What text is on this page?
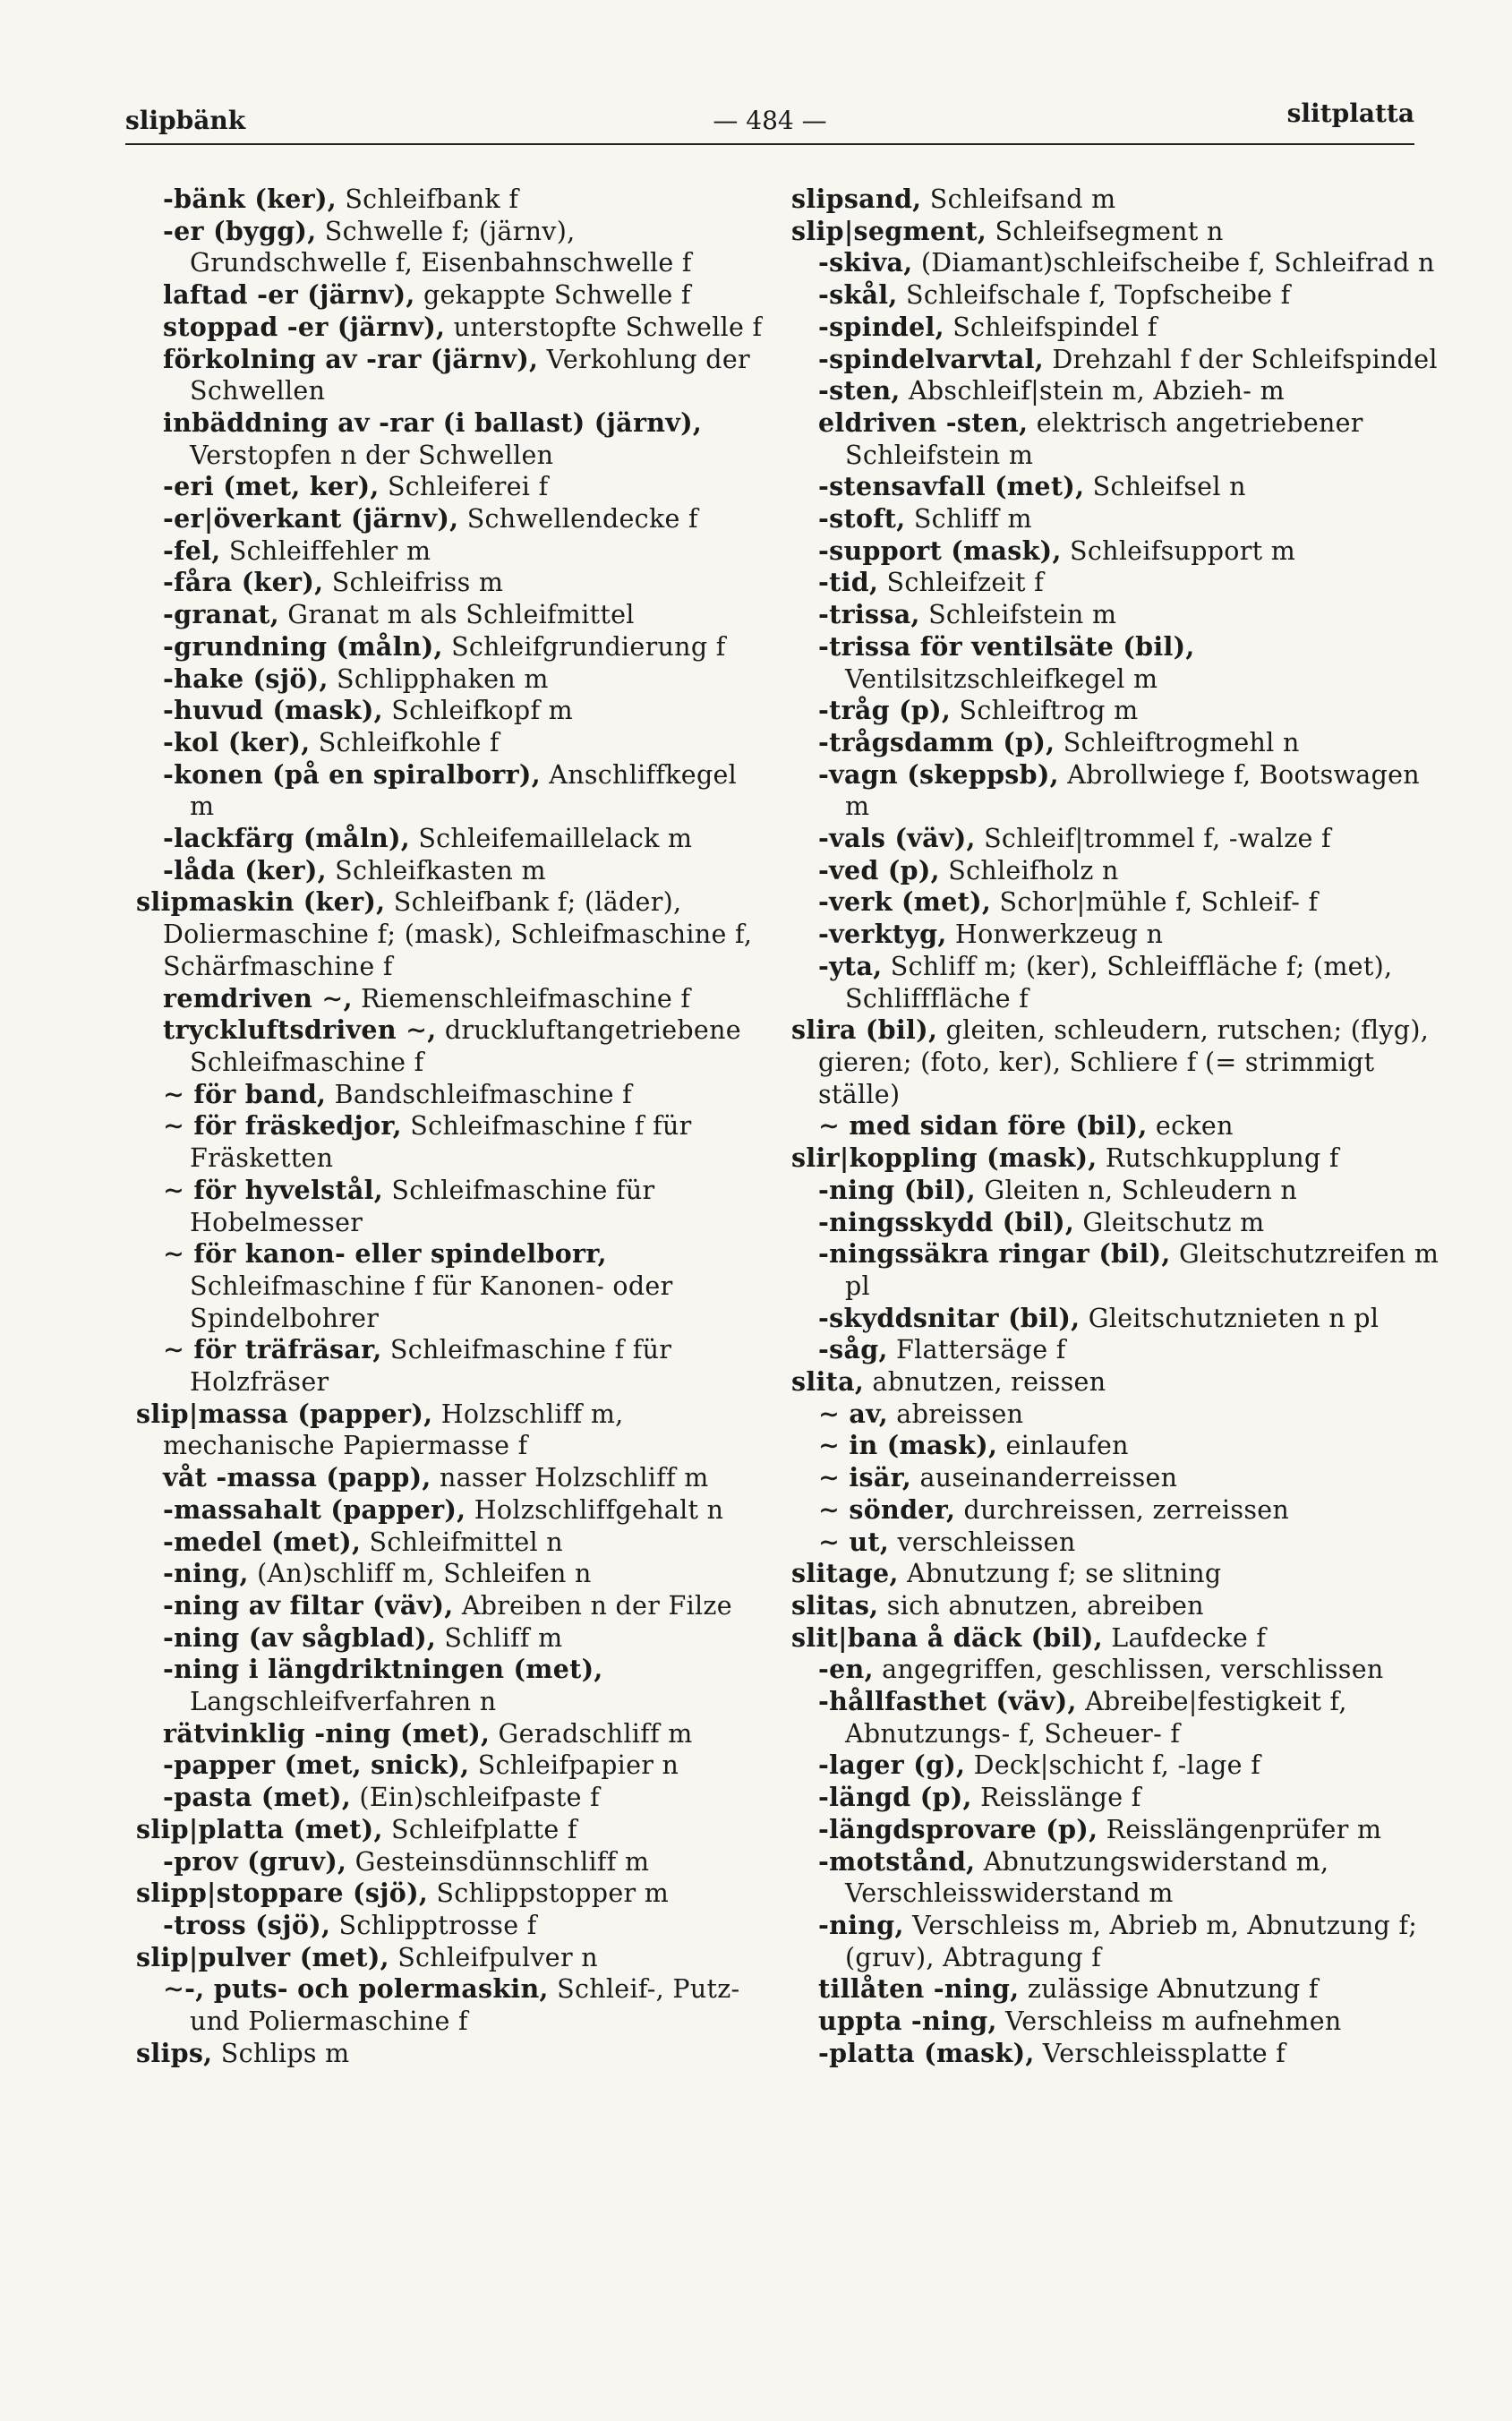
slipbänk	— 484 —	slitplatta
-bänk (ker), Schleifbank f
-er (bygg), Schwelle f; (järnv), Grundschwelle f, Eisenbahnschwelle f
laftad -er (järnv), gekappte Schwelle f
stoppad -er (järnv), unterstopfte Schwelle f
förkolning av -rar (järnv), Verkohlung der Schwellen
inbäddning av -rar (i ballast) (järnv), Verstopfen n der Schwellen
-eri (met, ker), Schleiferei f
-er|överkant (järnv), Schwellendecke f
-fel, Schleiffehler m
-fåra (ker), Schleifriss m
-granat, Granat m als Schleifmittel
-grundning (måln), Schleifgrundierung f
-hake (sjö), Schlipphaken m
-huvud (mask), Schleifkopf m
-kol (ker), Schleifkohle f
-konen (på en spiralborr), Anschliffkegel m
-lackfärg (måln), Schleifemaillelack m
-låda (ker), Schleifkasten m
slipmaskin (ker), Schleifbank f; (läder), Doliermaschine f; (mask), Schleifmaschine f, Schärfmaschine f
remdriven ∼, Riemenschleifmaschine f
tryckluftsdriven ∼, druckluftangetriebene Schleifmaschine f
∼ för band, Bandschleifmaschine f
∼ för fräskedjor, Schleifmaschine f für Fräsketten
∼ för hyvelstål, Schleifmaschine für Hobelmesser
∼ för kanon- eller spindelborr, Schleifmaschine f für Kanonen- oder Spindelbohrer
∼ för träfräsar, Schleifmaschine f für Holzfräser
slip|massa (papper), Holzschliff m, mechanische Papiermasse f
våt -massa (papp), nasser Holzschliff m
-massahalt (papper), Holzschliffgehalt n
-medel (met), Schleifmittel n
-ning, (An)schliff m, Schleifen n
-ning av filtar (väv), Abreiben n der Filze
-ning (av sågblad), Schliff m
-ning i längdriktningen (met), Langschleifverfahren n
rätvinklig -ning (met), Geradschliff m
-papper (met, snick), Schleifpapier n
-pasta (met), (Ein)schleifpaste f
slip|platta (met), Schleifplatte f
-prov (gruv), Gesteinsdünnschliff m
slipp|stoppare (sjö), Schlippstopper m
-tross (sjö), Schlipptrosse f
slip|pulver (met), Schleifpulver n
∼-, puts- och polermaskin, Schleif-, Putz- und Poliermaschine f
slips, Schlips m
slipsand, Schleifsand m
slip|segment, Schleifsegment n
-skiva, (Diamant)schleifscheibe f, Schleifrad n
-skål, Schleifschale f, Topfscheibe f
-spindel, Schleifspindel f
-spindelvarvtal, Drehzahl f der Schleifspindel
-sten, Abschleif|stein m, Abzieh- m
eldriven -sten, elektrisch angetriebener Schleifstein m
-stensavfall (met), Schleifsel n
-stoft, Schliff m
-support (mask), Schleifsupport m
-tid, Schleifzeit f
-trissa, Schleifstein m
-trissa för ventilsäte (bil), Ventilsitzschleifkegel m
-tråg (p), Schleiftrog m
-trågsdamm (p), Schleiftrogmehl n
-vagn (skeppsb), Abrollwiege f, Bootswagen m
-vals (väv), Schleif|trommel f, -walze f
-ved (p), Schleifholz n
-verk (met), Schor|mühle f, Schleif- f
-verktyg, Honwerkzeug n
-yta, Schliff m; (ker), Schleiffläche f; (met), Schlifffläche f
slira (bil), gleiten, schleudern, rutschen; (flyg), gieren; (foto, ker), Schliere f (= strimmigt ställe)
∼ med sidan före (bil), ecken
slir|koppling (mask), Rutschkupplung f
-ning (bil), Gleiten n, Schleudern n
-ningsskydd (bil), Gleitschutz m
-ningssäkra ringar (bil), Gleitschutzreifen m pl
-skyddsnitar (bil), Gleitschutznieten n pl
-såg, Flattersäge f
slita, abnutzen, reissen
∼ av, abreissen
∼ in (mask), einlaufen
∼ isär, auseinanderreissen
∼ sönder, durchreissen, zerreissen
∼ ut, verschleissen
slitage, Abnutzung f; se slitning
slitas, sich abnutzen, abreiben
slit|bana å däck (bil), Laufdecke f
-en, angegriffen, geschlissen, verschlissen
-hållfasthet (väv), Abreibe|festigkeit f, Abnutzungs- f, Scheuer- f
-lager (g), Deck|schicht f, -lage f
-längd (p), Reisslänge f
-längdsprovare (p), Reisslängenprüfer m
-motstånd, Abnutzungswiderstand m, Verschleisswiderstand m
-ning, Verschleiss m, Abrieb m, Abnutzung f; (gruv), Abtragung f
tillåten -ning, zulässige Abnutzung f
uppta -ning, Verschleiss m aufnehmen
-platta (mask), Verschleissplatte f
